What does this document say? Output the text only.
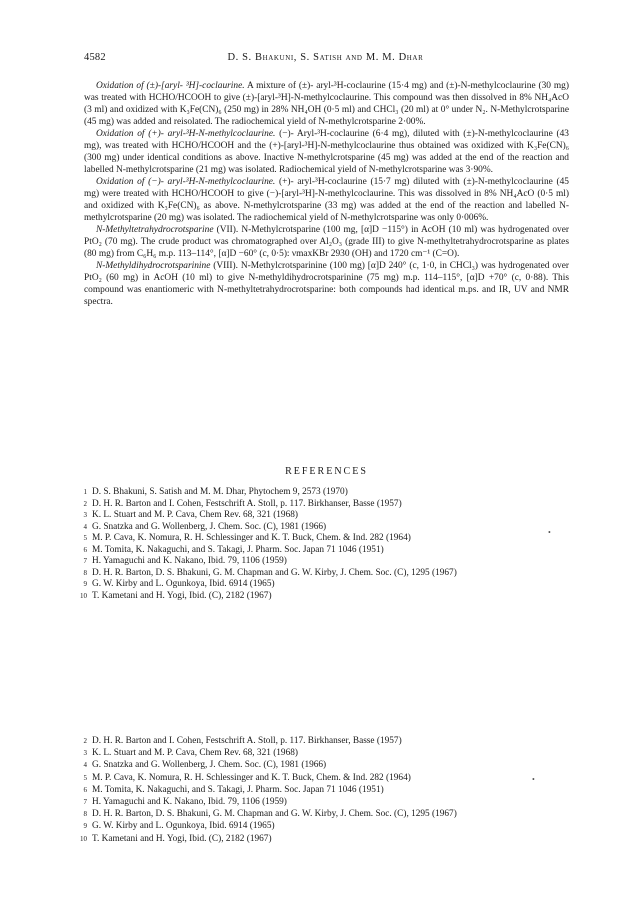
4582	D. S. Bhakuni, S. Satish and M. M. Dhar

Oxidation of (±)-[aryl- ³H]-coclaurine. A mixture of (±)- aryl-³H-coclaurine (15·4 mg) and (±)-N-methylcoclaurine (30 mg) was treated with HCHO/HCOOH to give (±)-[aryl-³H]-N-methylcoclaurine. This compound was then dissolved in 8% NH₄AcO (3 ml) and oxidized with K₃Fe(CN)₆ (250 mg) in 28% NH₄OH (0·5 ml) and CHCl₃ (20 ml) at 0° under N₂. N-Methylcrotsparine (45 mg) was added and reisolated. The radiochemical yield of N-methylcrotsparine 2·00%.

Oxidation of (+)- aryl-³H-N-methylcoclaurine. (−)- Aryl-³H-coclaurine (6·4 mg), diluted with (±)-N-methylcoclaurine (43 mg), was treated with HCHO/HCOOH and the (+)-[aryl-³H]-N-methylcoclaurine thus obtained was oxidized with K₃Fe(CN)₆ (300 mg) under identical conditions as above. Inactive N-methylcrotsparine (45 mg) was added at the end of the reaction and labelled N-methylcrotsparine (21 mg) was isolated. Radiochemical yield of N-methylcrotsparine was 3·90%.

Oxidation of (−)- aryl-³H-N-methylcoclaurine. (+)- aryl-³H-coclaurine (15·7 mg) diluted with (±)-N-methylcoclaurine (45 mg) were treated with HCHO/HCOOH to give (−)-[aryl-³H]-N-methylcoclaurine. This was dissolved in 8% NH₄AcO (0·5 ml) and oxidized with K₃Fe(CN)₆ as above. N-methylcrotsparine (33 mg) was added at the end of the reaction and labelled N-methylcrotsparine (20 mg) was isolated. The radiochemical yield of N-methylcrotsparine was only 0·006%.

N-Methyltetrahydrocrotsparine (VII). N-Methylcrotsparine (100 mg, [α]D −115°) in AcOH (10 ml) was hydrogenated over PtO₂ (70 mg). The crude product was chromatographed over Al₂O₃ (grade III) to give N-methyltetrahydrocrotsparine as plates (80 mg) from C₆H₆ m.p. 113–114°, [α]D −60° (c, 0·5): νmaxKBr 2930 (OH) and 1720 cm⁻¹ (C=O).

N-Methyldihydrocrotsparinine (VIII). N-Methylcrotsparinine (100 mg) [α]D 240° (c, 1·0, in CHCl₃) was hydrogenated over PtO₂ (60 mg) in AcOH (10 ml) to give N-methyldihydrocrotsparinine (75 mg) m.p. 114–115°, [α]D +70° (c, 0·88). This compound was enantiomeric with N-methyltetrahydrocrotsparine: both compounds had identical m.ps. and IR, UV and NMR spectra.

REFERENCES
1 D. S. Bhakuni, S. Satish and M. M. Dhar, Phytochem 9, 2573 (1970)
2 D. H. R. Barton and I. Cohen, Festschrift A. Stoll, p. 117. Birkhanser, Basse (1957)
3 K. L. Stuart and M. P. Cava, Chem Rev. 68, 321 (1968)
4 G. Snatzka and G. Wollenberg, J. Chem. Soc. (C), 1981 (1966)
5 M. P. Cava, K. Nomura, R. H. Schlessinger and K. T. Buck, Chem. & Ind. 282 (1964)
6 M. Tomita, K. Nakaguchi, and S. Takagi, J. Pharm. Soc. Japan 71 1046 (1951)
7 H. Yamaguchi and K. Nakano, Ibid. 79, 1106 (1959)
8 D. H. R. Barton, D. S. Bhakuni, G. M. Chapman and G. W. Kirby, J. Chem. Soc. (C), 1295 (1967)
9 G. W. Kirby and L. Ogunkoya, Ibid. 6914 (1965)
10 T. Kametani and H. Yogi, Ibid. (C), 2182 (1967)
2 D. H. R. Barton and I. Cohen, Festschrift A. Stoll, p. 117. Birkhanser, Basse (1957)
3 K. L. Stuart and M. P. Cava, Chem Rev. 68, 321 (1968)
4 G. Snatzka and G. Wollenberg, J. Chem. Soc. (C), 1981 (1966)
5 M. P. Cava, K. Nomura, R. H. Schlessinger and K. T. Buck, Chem. & Ind. 282 (1964)
6 M. Tomita, K. Nakaguchi, and S. Takagi, J. Pharm. Soc. Japan 71 1046 (1951)
7 H. Yamaguchi and K. Nakano, Ibid. 79, 1106 (1959)
8 D. H. R. Barton, D. S. Bhakuni, G. M. Chapman and G. W. Kirby, J. Chem. Soc. (C), 1295 (1967)
9 G. W. Kirby and L. Ogunkoya, Ibid. 6914 (1965)
10 T. Kametani and H. Yogi, Ibid. (C), 2182 (1967)
•
•
